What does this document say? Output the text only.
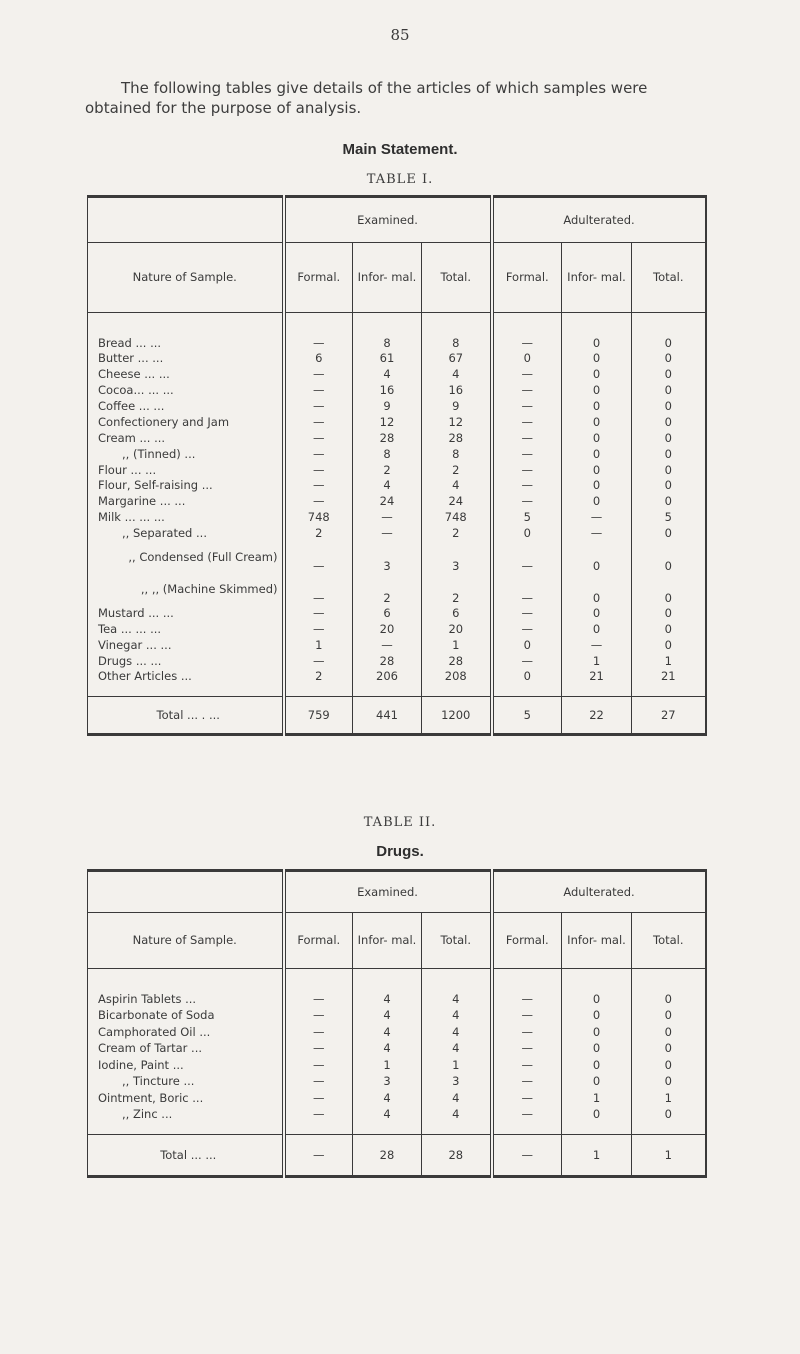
85
The following tables give details of the articles of which samples were obtained for the purpose of analysis.
Main Statement.
TABLE I.
	Examined.			Adulterated.		
Nature of Sample.	Formal.	Infor- mal.	Total.	Formal.	Infor- mal.	Total.
Bread ... ...	—	8	8	—	0	0
Butter ... ...	6	61	67	0	0	0
Cheese ... ...	—	4	4	—	0	0
Cocoa... ... ...	—	16	16	—	0	0
Coffee ... ...	—	9	9	—	0	0
Confectionery and Jam	—	12	12	—	0	0
Cream ... ...	—	28	28	—	0	0
,, (Tinned) ...	—	8	8	—	0	0
Flour ... ...	—	2	2	—	0	0
Flour, Self-raising ...	—	4	4	—	0	0
Margarine ... ...	—	24	24	—	0	0
Milk ... ... ...	748	—	748	5	—	5
,, Separated ...	2	—	2	0	—	0
,, Condensed (Full Cream)	—	3	3	—	0	0
,, ,, (Machine Skimmed)	—	2	2	—	0	0
Mustard ... ...	—	6	6	—	0	0
Tea ... ... ...	—	20	20	—	0	0
Vinegar ... ...	1	—	1	0	—	0
Drugs ... ...	—	28	28	—	1	1
Other Articles ...	2	206	208	0	21	21
Total ... . ...	759	441	1200	5	22	27
TABLE II.
Drugs.
	Examined.			Adulterated.		
Nature of Sample.	Formal.	Infor- mal.	Total.	Formal.	Infor- mal.	Total.
Aspirin Tablets ...	—	4	4	—	0	0
Bicarbonate of Soda	—	4	4	—	0	0
Camphorated Oil ...	—	4	4	—	0	0
Cream of Tartar ...	—	4	4	—	0	0
Iodine, Paint ...	—	1	1	—	0	0
,, Tincture ...	—	3	3	—	0	0
Ointment, Boric ...	—	4	4	—	1	1
,, Zinc ...	—	4	4	—	0	0
Total ... ...	—	28	28	—	1	1
